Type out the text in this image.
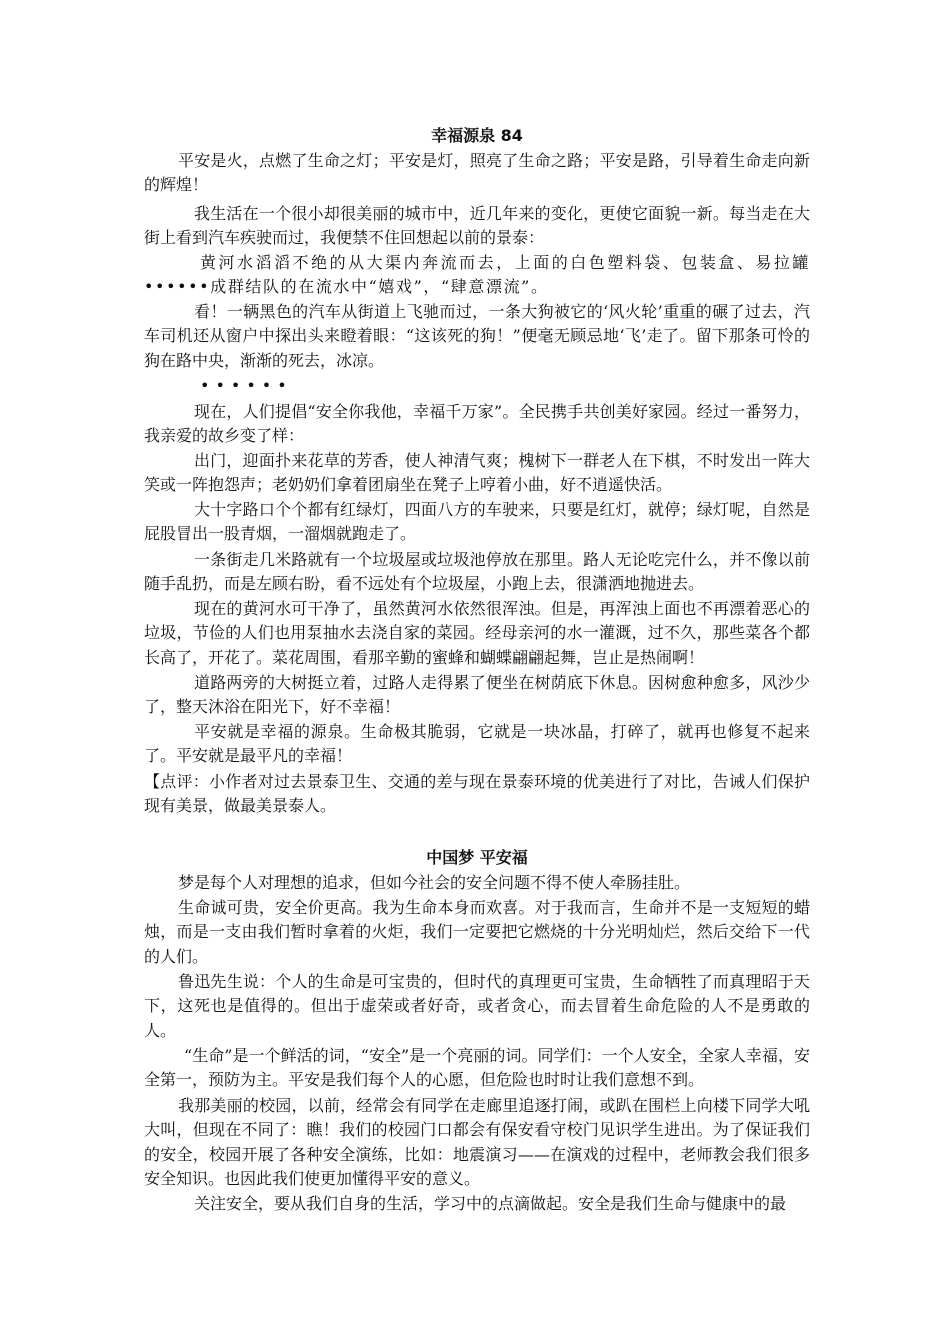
幸福源泉 84

平安是火，点燃了生命之灯；平安是灯，照亮了生命之路；平安是路，引导着生命走向新的辉煌！

我生活在一个很小却很美丽的城市中，近几年来的变化，更使它面貌一新。每当走在大街上看到汽车疾驶而过，我便禁不住回想起以前的景泰：

黄河水滔滔不绝的从大渠内奔流而去，上面的白色塑料袋、包装盒、易拉罐••••••成群结队的在流水中“嬉戏”，“肆意漂流”。

看！一辆黑色的汽车从街道上飞驰而过，一条大狗被它的‘风火轮’重重的碾了过去，汽车司机还从窗户中探出头来瞪着眼：“这该死的狗！”便毫无顾忌地‘飞’走了。留下那条可怜的狗在路中央，渐渐的死去，冰凉。

••••••

现在，人们提倡“安全你我他，幸福千万家”。全民携手共创美好家园。经过一番努力，我亲爱的故乡变了样：

出门，迎面扑来花草的芳香，使人神清气爽；槐树下一群老人在下棋，不时发出一阵大笑或一阵抱怨声；老奶奶们拿着团扇坐在凳子上哼着小曲，好不逍遥快活。

大十字路口个个都有红绿灯，四面八方的车驶来，只要是红灯，就停；绿灯呢，自然是屁股冒出一股青烟，一溜烟就跑走了。

一条街走几米路就有一个垃圾屋或垃圾池停放在那里。路人无论吃完什么，并不像以前随手乱扔，而是左顾右盼，看不远处有个垃圾屋，小跑上去，很潇洒地抛进去。

现在的黄河水可干净了，虽然黄河水依然很浑浊。但是，再浑浊上面也不再漂着恶心的垃圾，节俭的人们也用泵抽水去浇自家的菜园。经母亲河的水一灌溉，过不久，那些菜各个都长高了，开花了。菜花周围，看那辛勤的蜜蜂和蝴蝶翩翩起舞，岂止是热闹啊！

道路两旁的大树挺立着，过路人走得累了便坐在树荫底下休息。因树愈种愈多，风沙少了，整天沐浴在阳光下，好不幸福！

平安就是幸福的源泉。生命极其脆弱，它就是一块冰晶，打碎了，就再也修复不起来了。平安就是最平凡的幸福！

【点评：小作者对过去景泰卫生、交通的差与现在景泰环境的优美进行了对比，告诫人们保护现有美景，做最美景泰人。

中国梦 平安福

梦是每个人对理想的追求，但如今社会的安全问题不得不使人牵肠挂肚。

生命诚可贵，安全价更高。我为生命本身而欢喜。对于我而言，生命并不是一支短短的蜡烛，而是一支由我们暂时拿着的火炬，我们一定要把它燃烧的十分光明灿烂，然后交给下一代的人们。

鲁迅先生说：个人的生命是可宝贵的，但时代的真理更可宝贵，生命牺牲了而真理昭于天下，这死也是值得的。但出于虚荣或者好奇，或者贪心，而去冒着生命危险的人不是勇敢的人。

“生命”是一个鲜活的词，“安全”是一个亮丽的词。同学们：一个人安全，全家人幸福，安全第一，预防为主。平安是我们每个人的心愿，但危险也时时让我们意想不到。

我那美丽的校园，以前，经常会有同学在走廊里追逐打闹，或趴在围栏上向楼下同学大吼大叫，但现在不同了：瞧！我们的校园门口都会有保安看守校门见识学生进出。为了保证我们的安全，校园开展了各种安全演练，比如：地震演习——在演戏的过程中，老师教会我们很多安全知识。也因此我们使更加懂得平安的意义。

关注安全，要从我们自身的生活，学习中的点滴做起。安全是我们生命与健康中的最
